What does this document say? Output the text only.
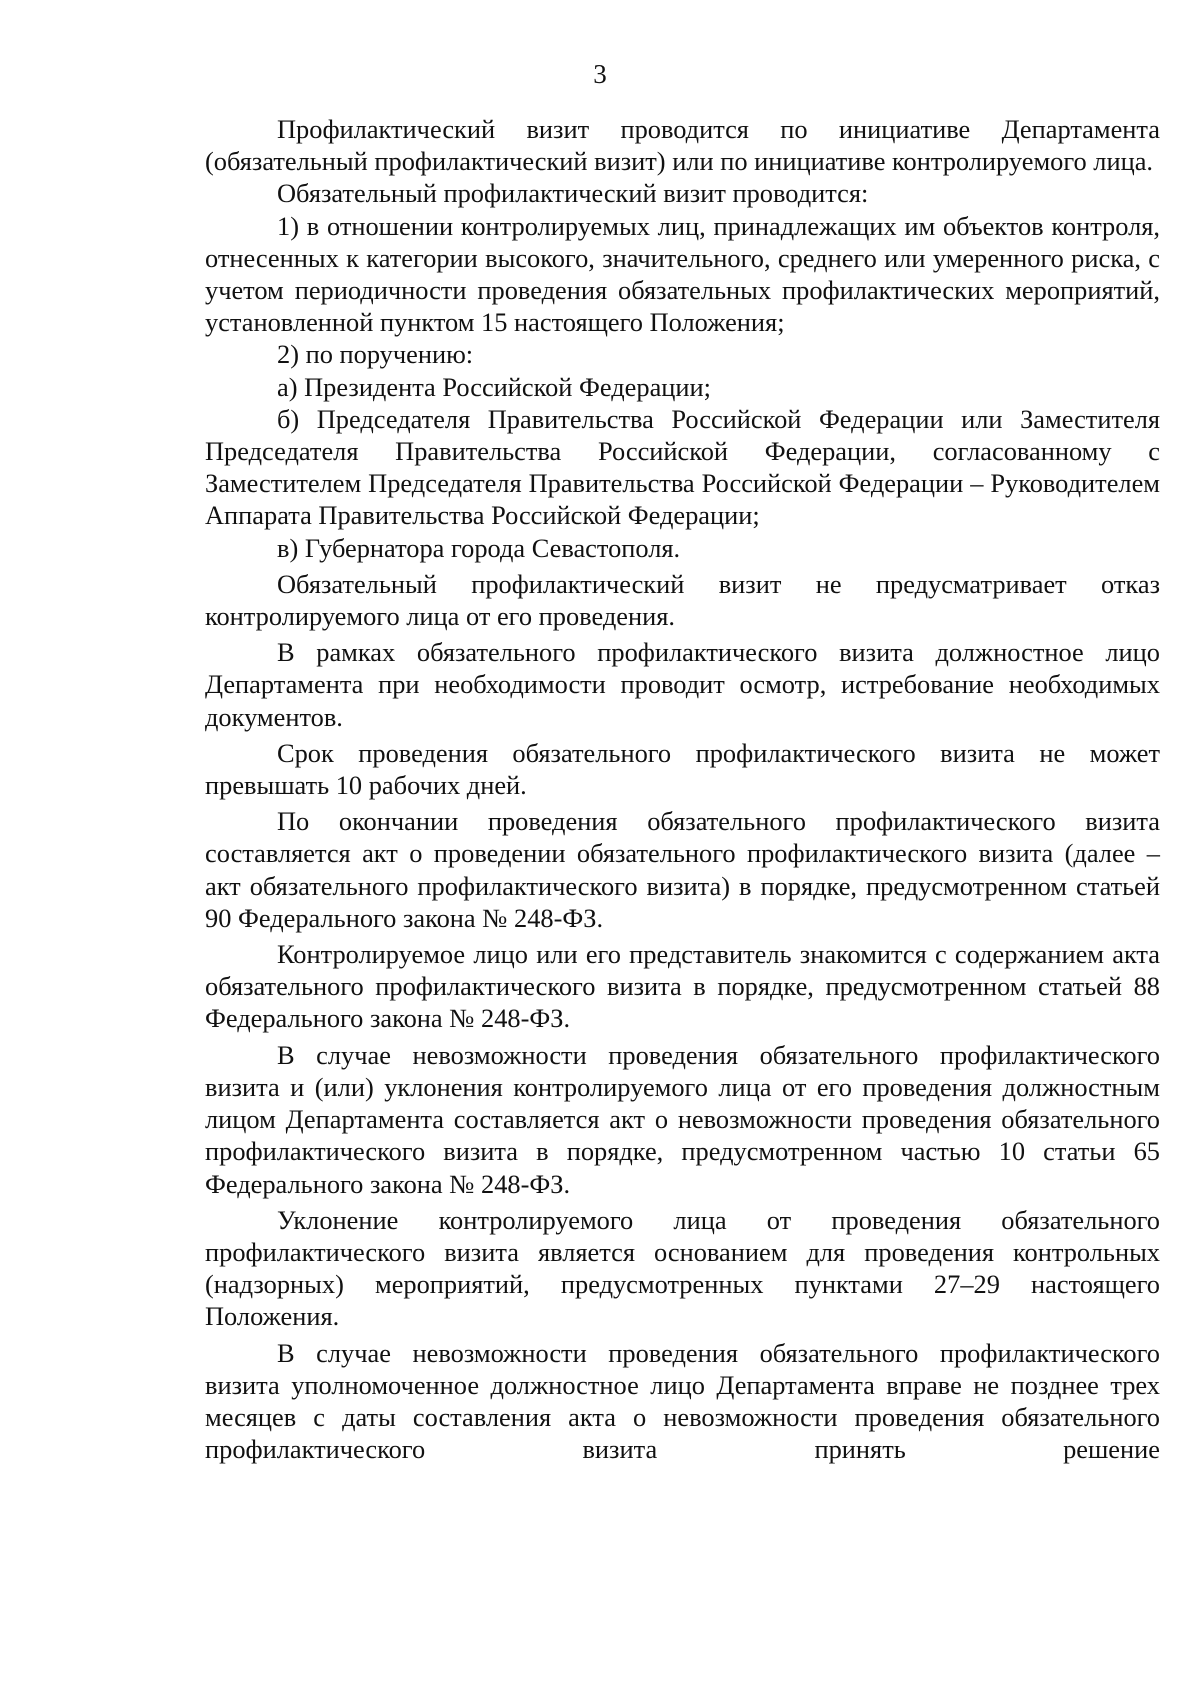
3

Профилактический визит проводится по инициативе Департамента (обязательный профилактический визит) или по инициативе контролируемого лица.

Обязательный профилактический визит проводится:

1) в отношении контролируемых лиц, принадлежащих им объектов контроля, отнесенных к категории высокого, значительного, среднего или умеренного риска, с учетом периодичности проведения обязательных профилактических мероприятий, установленной пунктом 15 настоящего Положения;

2) по поручению:

а) Президента Российской Федерации;

б) Председателя Правительства Российской Федерации или Заместителя Председателя Правительства Российской Федерации, согласованному с Заместителем Председателя Правительства Российской Федерации – Руководителем Аппарата Правительства Российской Федерации;

в) Губернатора города Севастополя.

Обязательный профилактический визит не предусматривает отказ контролируемого лица от его проведения.

В рамках обязательного профилактического визита должностное лицо Департамента при необходимости проводит осмотр, истребование необходимых документов.

Срок проведения обязательного профилактического визита не может превышать 10 рабочих дней.

По окончании проведения обязательного профилактического визита составляется акт о проведении обязательного профилактического визита (далее – акт обязательного профилактического визита) в порядке, предусмотренном статьей 90 Федерального закона № 248-ФЗ.

Контролируемое лицо или его представитель знакомится с содержанием акта обязательного профилактического визита в порядке, предусмотренном статьей 88 Федерального закона № 248-ФЗ.

В случае невозможности проведения обязательного профилактического визита и (или) уклонения контролируемого лица от его проведения должностным лицом Департамента составляется акт о невозможности проведения обязательного профилактического визита в порядке, предусмотренном частью 10 статьи 65 Федерального закона № 248-ФЗ.

Уклонение контролируемого лица от проведения обязательного профилактического визита является основанием для проведения контрольных (надзорных) мероприятий, предусмотренных пунктами 27–29 настоящего Положения.

В случае невозможности проведения обязательного профилактического визита уполномоченное должностное лицо Департамента вправе не позднее трех месяцев с даты составления акта о невозможности проведения обязательного профилактического визита принять решение
